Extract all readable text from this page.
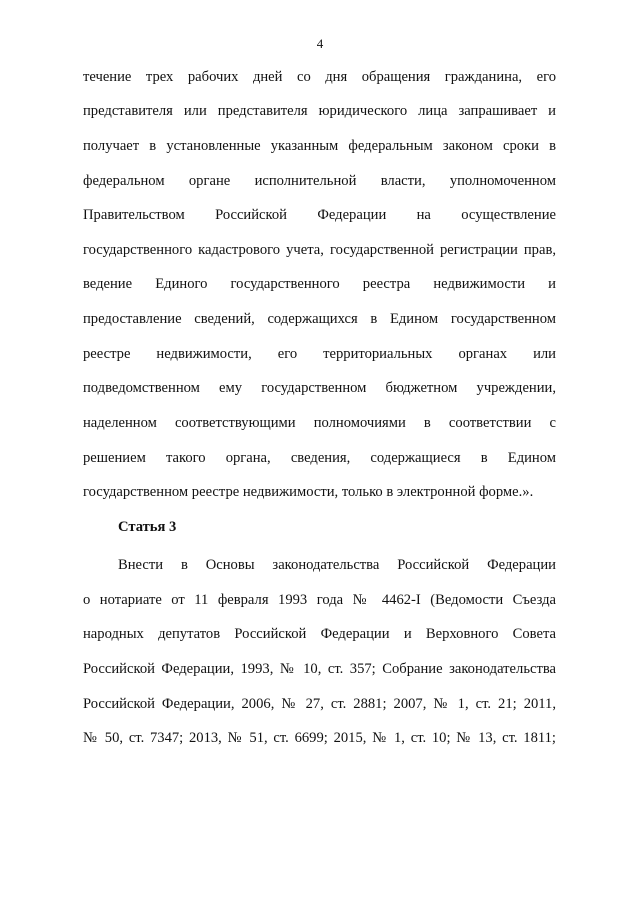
4
течение трех рабочих дней со дня обращения гражданина, его
представителя или представителя юридического лица запрашивает и
получает в установленные указанным федеральным законом сроки в
федеральном органе исполнительной власти, уполномоченном
Правительством Российской Федерации на осуществление
государственного кадастрового учета, государственной регистрации прав,
ведение Единого государственного реестра недвижимости и
предоставление сведений, содержащихся в Едином государственном
реестре недвижимости, его территориальных органах или
подведомственном ему государственном бюджетном учреждении,
наделенном соответствующими полномочиями в соответствии с
решением такого органа, сведения, содержащиеся в Едином
государственном реестре недвижимости, только в электронной форме.».
Статья 3
Внести в Основы законодательства Российской Федерации
о нотариате от 11 февраля 1993 года № 4462-I (Ведомости Съезда
народных депутатов Российской Федерации и Верховного Совета
Российской Федерации, 1993, № 10, ст. 357; Собрание законодательства
Российской Федерации, 2006, № 27, ст. 2881; 2007, № 1, ст. 21; 2011,
№ 50, ст. 7347; 2013, № 51, ст. 6699; 2015, № 1, ст. 10; № 13, ст. 1811;
